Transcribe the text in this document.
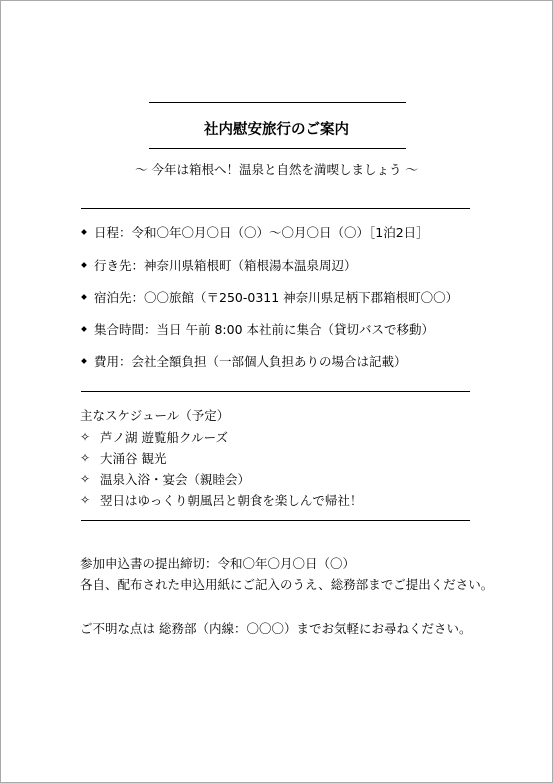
社内慰安旅行のご案内
～ 今年は箱根へ！温泉と自然を満喫しましょう ～
日程：令和〇年〇月〇日（〇）～〇月〇日（〇）［1泊2日］
行き先：神奈川県箱根町（箱根湯本温泉周辺）
宿泊先：〇〇旅館（〒250-0311 神奈川県足柄下郡箱根町〇〇）
集合時間：当日 午前 8:00 本社前に集合（貸切バスで移動）
費用：会社全額負担（一部個人負担ありの場合は記載）
主なスケジュール（予定）
✧ 芦ノ湖 遊覧船クルーズ
✧ 大涌谷 観光
✧ 温泉入浴・宴会（親睦会）
✧ 翌日はゆっくり朝風呂と朝食を楽しんで帰社！
参加申込書の提出締切：令和〇年〇月〇日（〇）
各自、配布された申込用紙にご記入のうえ、総務部までご提出ください。
ご不明な点は 総務部（内線：〇〇〇）までお気軽にお尋ねください。
